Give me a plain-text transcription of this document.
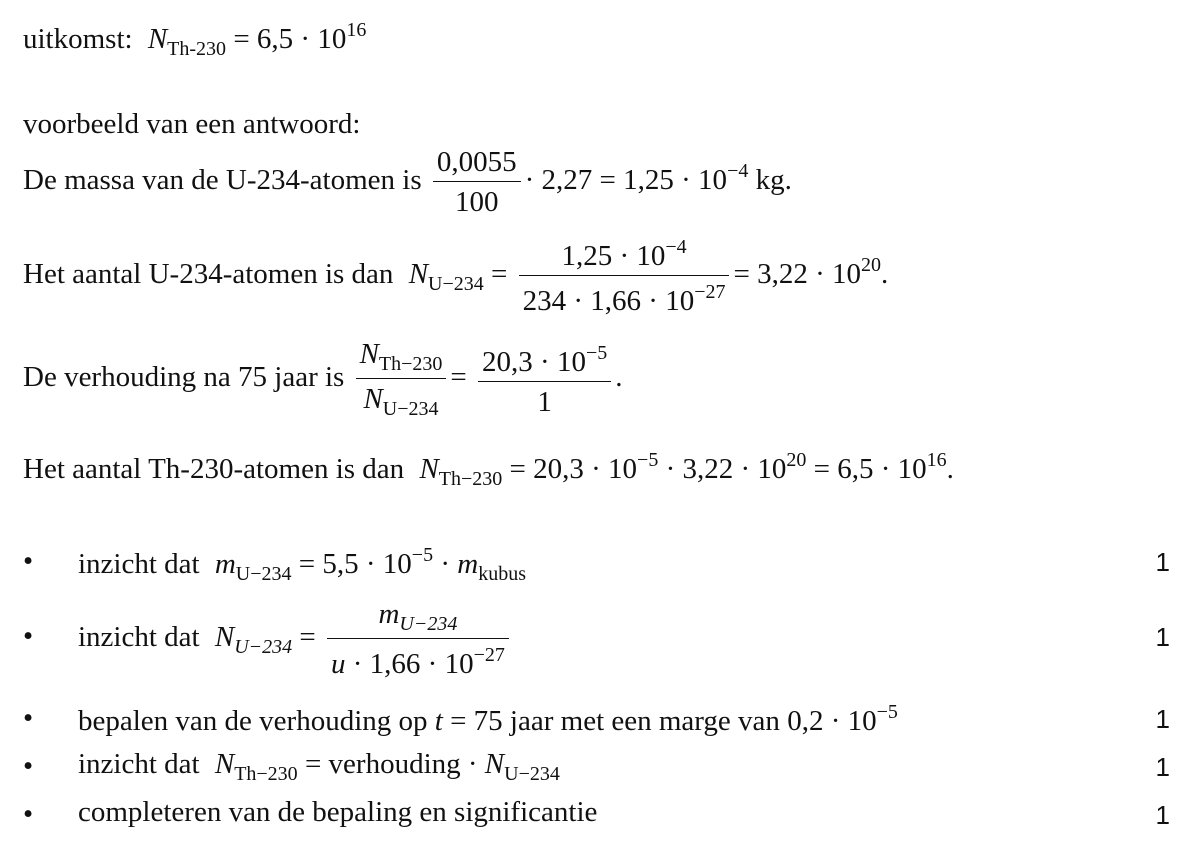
uitkomst: $N_{Th-230} = 6,5 \cdot 10^{16}$
voorbeeld van een antwoord:
De massa van de U-234-atomen is $\frac{0,0055}{100} \cdot 2,27 = 1,25 \cdot 10^{-4}$ kg.
Het aantal U-234-atomen is dan $N_{U-234} = \frac{1,25 \cdot 10^{-4}}{234 \cdot 1,66 \cdot 10^{-27}} = 3,22 \cdot 10^{20}$.
De verhouding na 75 jaar is $\frac{N_{Th-230}}{N_{U-234}} = \frac{20,3 \cdot 10^{-5}}{1}$ .
Het aantal Th-230-atomen is dan $N_{Th-230} = 20,3 \cdot 10^{-5} \cdot 3,22 \cdot 10^{20} = 6,5 \cdot 10^{16}$.
• inzicht dat $m_{U-234} = 5,5 \cdot 10^{-5} \cdot m_{kubus}$	1
• inzicht dat $N_{U-234} = \frac{m_{U-234}}{u \cdot 1,66 \cdot 10^{-27}}$	1
• bepalen van de verhouding op t = 75 jaar met een marge van $0,2 \cdot 10^{-5}$	1
• inzicht dat $N_{Th-230}$ = verhouding · $N_{U-234}$	1
• completeren van de bepaling en significantie	1
